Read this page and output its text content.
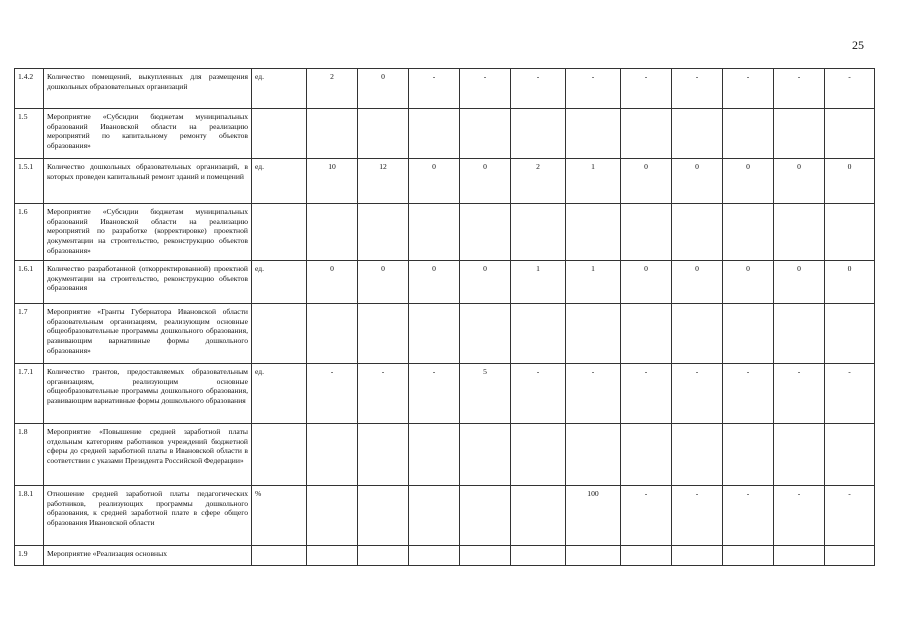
25
1.4.2	Количество помещений, выкупленных для размещения дошкольных образовательных организаций	ед.	2	0	-	-	-	-	-	-	-	-	-
1.5	Мероприятие «Субсидии бюджетам муниципальных образований Ивановской области на реализацию мероприятий по капитальному ремонту объектов образования»												
1.5.1	Количество дошкольных образовательных организаций, в которых проведен капитальный ремонт зданий и помещений	ед.	10	12	0	0	2	1	0	0	0	0	0
1.6	Мероприятие «Субсидии бюджетам муниципальных образований Ивановской области на реализацию мероприятий по разработке (корректировке) проектной документации на строительство, реконструкцию объектов образования»												
1.6.1	Количество разработанной (откорректированной) проектной документации на строительство, реконструкцию объектов образования	ед.	0	0	0	0	1	1	0	0	0	0	0
1.7	Мероприятие «Гранты Губернатора Ивановской области образовательным организациям, реализующим основные общеобразовательные программы дошкольного образования, развивающим вариативные формы дошкольного образования»												
1.7.1	Количество грантов, предоставляемых образовательным организациям, реализующим основные общеобразовательные программы дошкольного образования, развивающим вариативные формы дошкольного образования	ед.	-	-	-	5	-	-	-	-	-	-	-
1.8	Мероприятие «Повышение средней заработной платы отдельным категориям работников учреждений бюджетной сферы до средней заработной платы в Ивановской области в соответствии с указами Президента Российской Федерации»												
1.8.1	Отношение средней заработной платы педагогических работников, реализующих программы дошкольного образования, к средней заработной плате в сфере общего образования Ивановской области	%						100	-	-	-	-	-
1.9	Мероприятие «Реализация основных												
